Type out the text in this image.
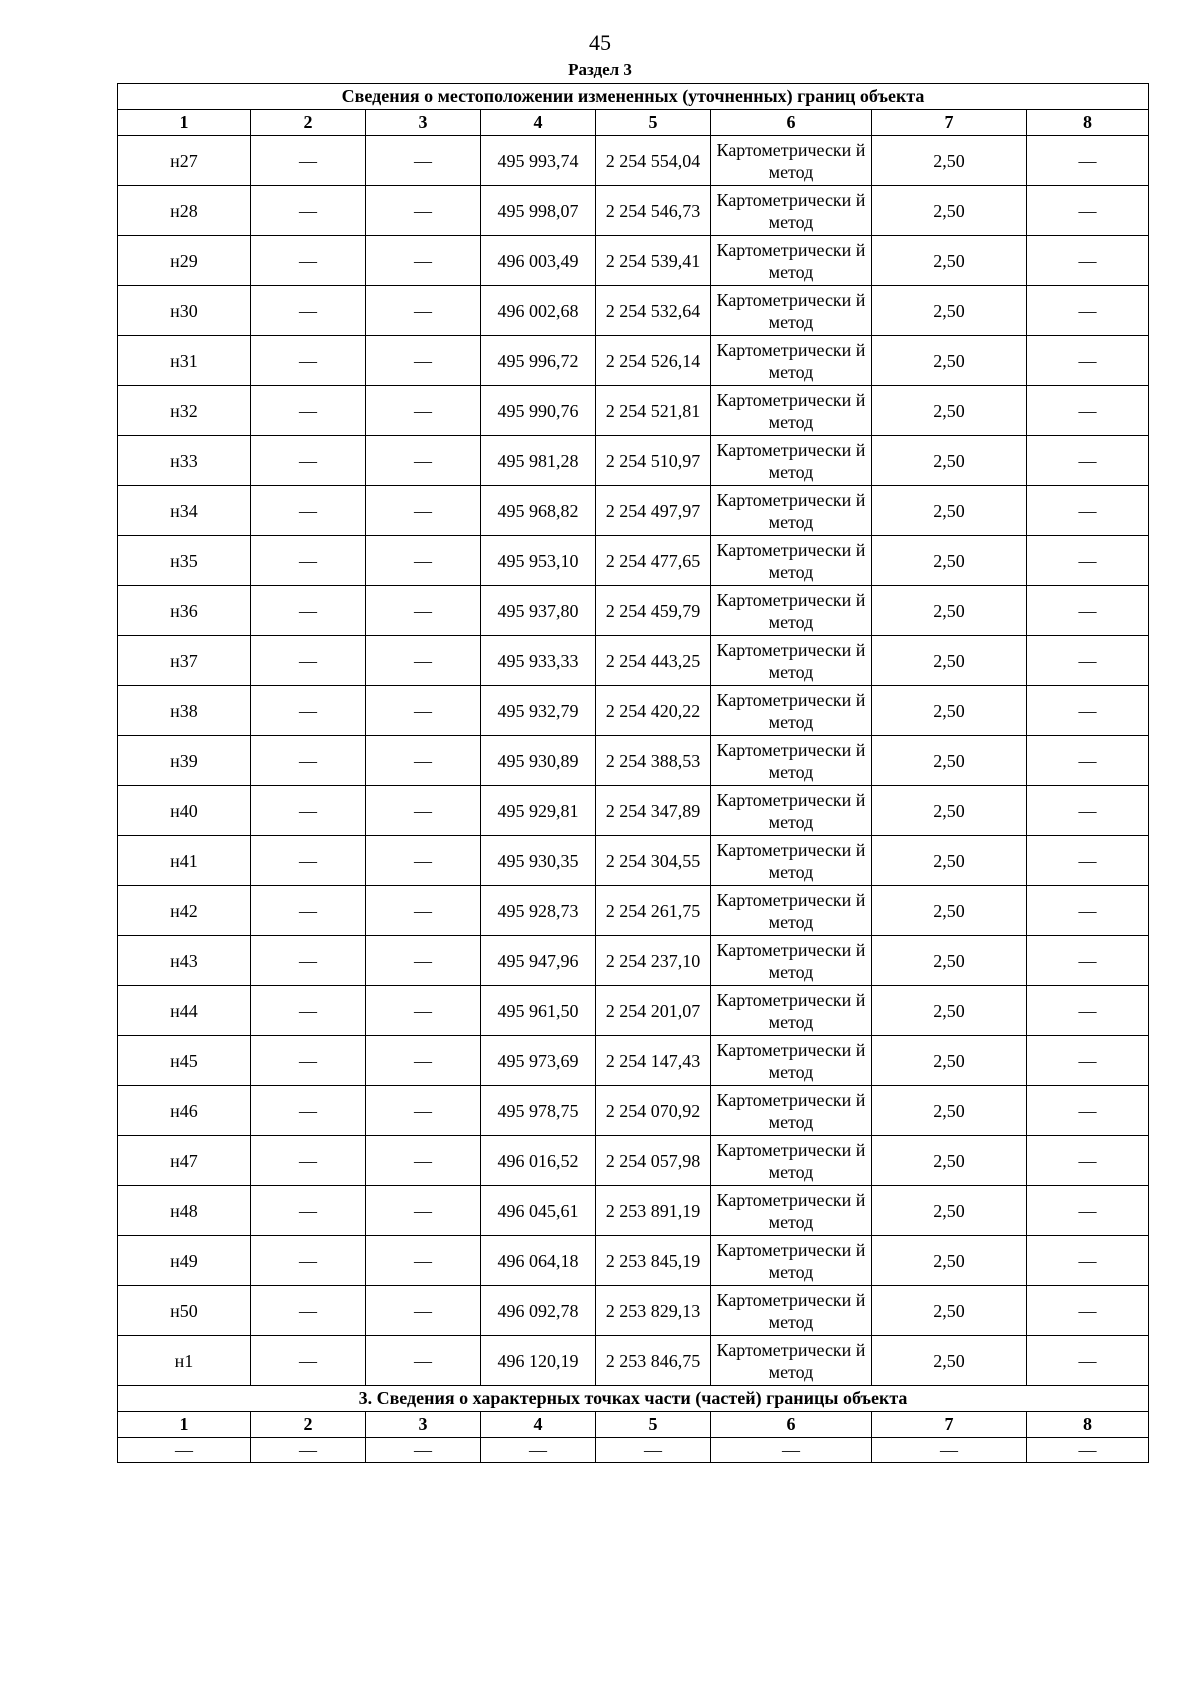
45
Раздел 3
Сведения о местоположении измененных (уточненных) границ объекта							
1	2	3	4	5	6	7	8
н27	—	—	495 993,74	2 254 554,04	Картометрически й метод	2,50	—
н28	—	—	495 998,07	2 254 546,73	Картометрически й метод	2,50	—
н29	—	—	496 003,49	2 254 539,41	Картометрически й метод	2,50	—
н30	—	—	496 002,68	2 254 532,64	Картометрически й метод	2,50	—
н31	—	—	495 996,72	2 254 526,14	Картометрически й метод	2,50	—
н32	—	—	495 990,76	2 254 521,81	Картометрически й метод	2,50	—
н33	—	—	495 981,28	2 254 510,97	Картометрически й метод	2,50	—
н34	—	—	495 968,82	2 254 497,97	Картометрически й метод	2,50	—
н35	—	—	495 953,10	2 254 477,65	Картометрически й метод	2,50	—
н36	—	—	495 937,80	2 254 459,79	Картометрически й метод	2,50	—
н37	—	—	495 933,33	2 254 443,25	Картометрически й метод	2,50	—
н38	—	—	495 932,79	2 254 420,22	Картометрически й метод	2,50	—
н39	—	—	495 930,89	2 254 388,53	Картометрически й метод	2,50	—
н40	—	—	495 929,81	2 254 347,89	Картометрически й метод	2,50	—
н41	—	—	495 930,35	2 254 304,55	Картометрически й метод	2,50	—
н42	—	—	495 928,73	2 254 261,75	Картометрически й метод	2,50	—
н43	—	—	495 947,96	2 254 237,10	Картометрически й метод	2,50	—
н44	—	—	495 961,50	2 254 201,07	Картометрически й метод	2,50	—
н45	—	—	495 973,69	2 254 147,43	Картометрически й метод	2,50	—
н46	—	—	495 978,75	2 254 070,92	Картометрически й метод	2,50	—
н47	—	—	496 016,52	2 254 057,98	Картометрически й метод	2,50	—
н48	—	—	496 045,61	2 253 891,19	Картометрически й метод	2,50	—
н49	—	—	496 064,18	2 253 845,19	Картометрически й метод	2,50	—
н50	—	—	496 092,78	2 253 829,13	Картометрически й метод	2,50	—
н1	—	—	496 120,19	2 253 846,75	Картометрически й метод	2,50	—
3. Сведения о характерных точках части (частей) границы объекта							
1	2	3	4	5	6	7	8
—	—	—	—	—	—	—	—
